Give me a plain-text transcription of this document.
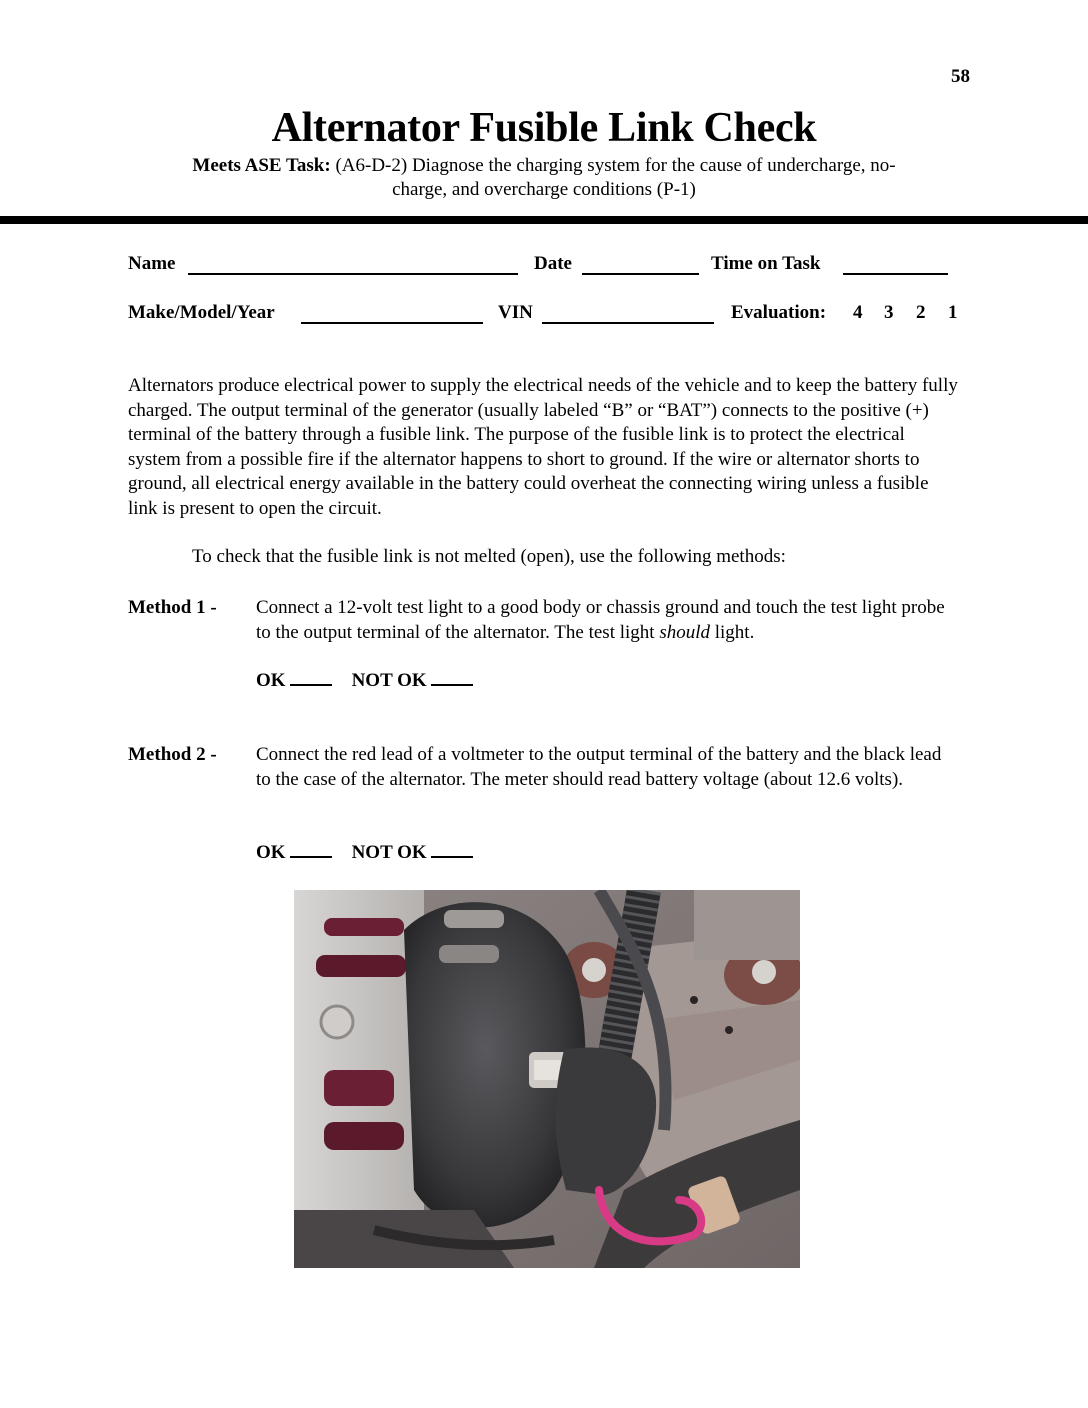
58
Alternator Fusible Link Check
Meets ASE Task: (A6-D-2) Diagnose the charging system for the cause of undercharge, no-
charge, and overcharge conditions (P-1)
Name	Date	Time on Task
Make/Model/Year	VIN	Evaluation: 4 3 2 1
Alternators produce electrical power to supply the electrical needs of the vehicle and to keep the battery fully charged. The output terminal of the generator (usually labeled “B” or “BAT”) connects to the positive (+) terminal of the battery through a fusible link. The purpose of the fusible link is to protect the electrical system from a possible fire if the alternator happens to short to ground. If the wire or alternator shorts to ground, all electrical energy available in the battery could overheat the connecting wiring unless a fusible link is present to open the circuit.
To check that the fusible link is not melted (open), use the following methods:
Method 1 - Connect a 12-volt test light to a good body or chassis ground and touch the test light probe to the output terminal of the alternator. The test light should light.
OK	NOT OK
Method 2 - Connect the red lead of a voltmeter to the output terminal of the battery and the black lead to the case of the alternator. The meter should read battery voltage (about 12.6 volts).
OK	NOT OK
